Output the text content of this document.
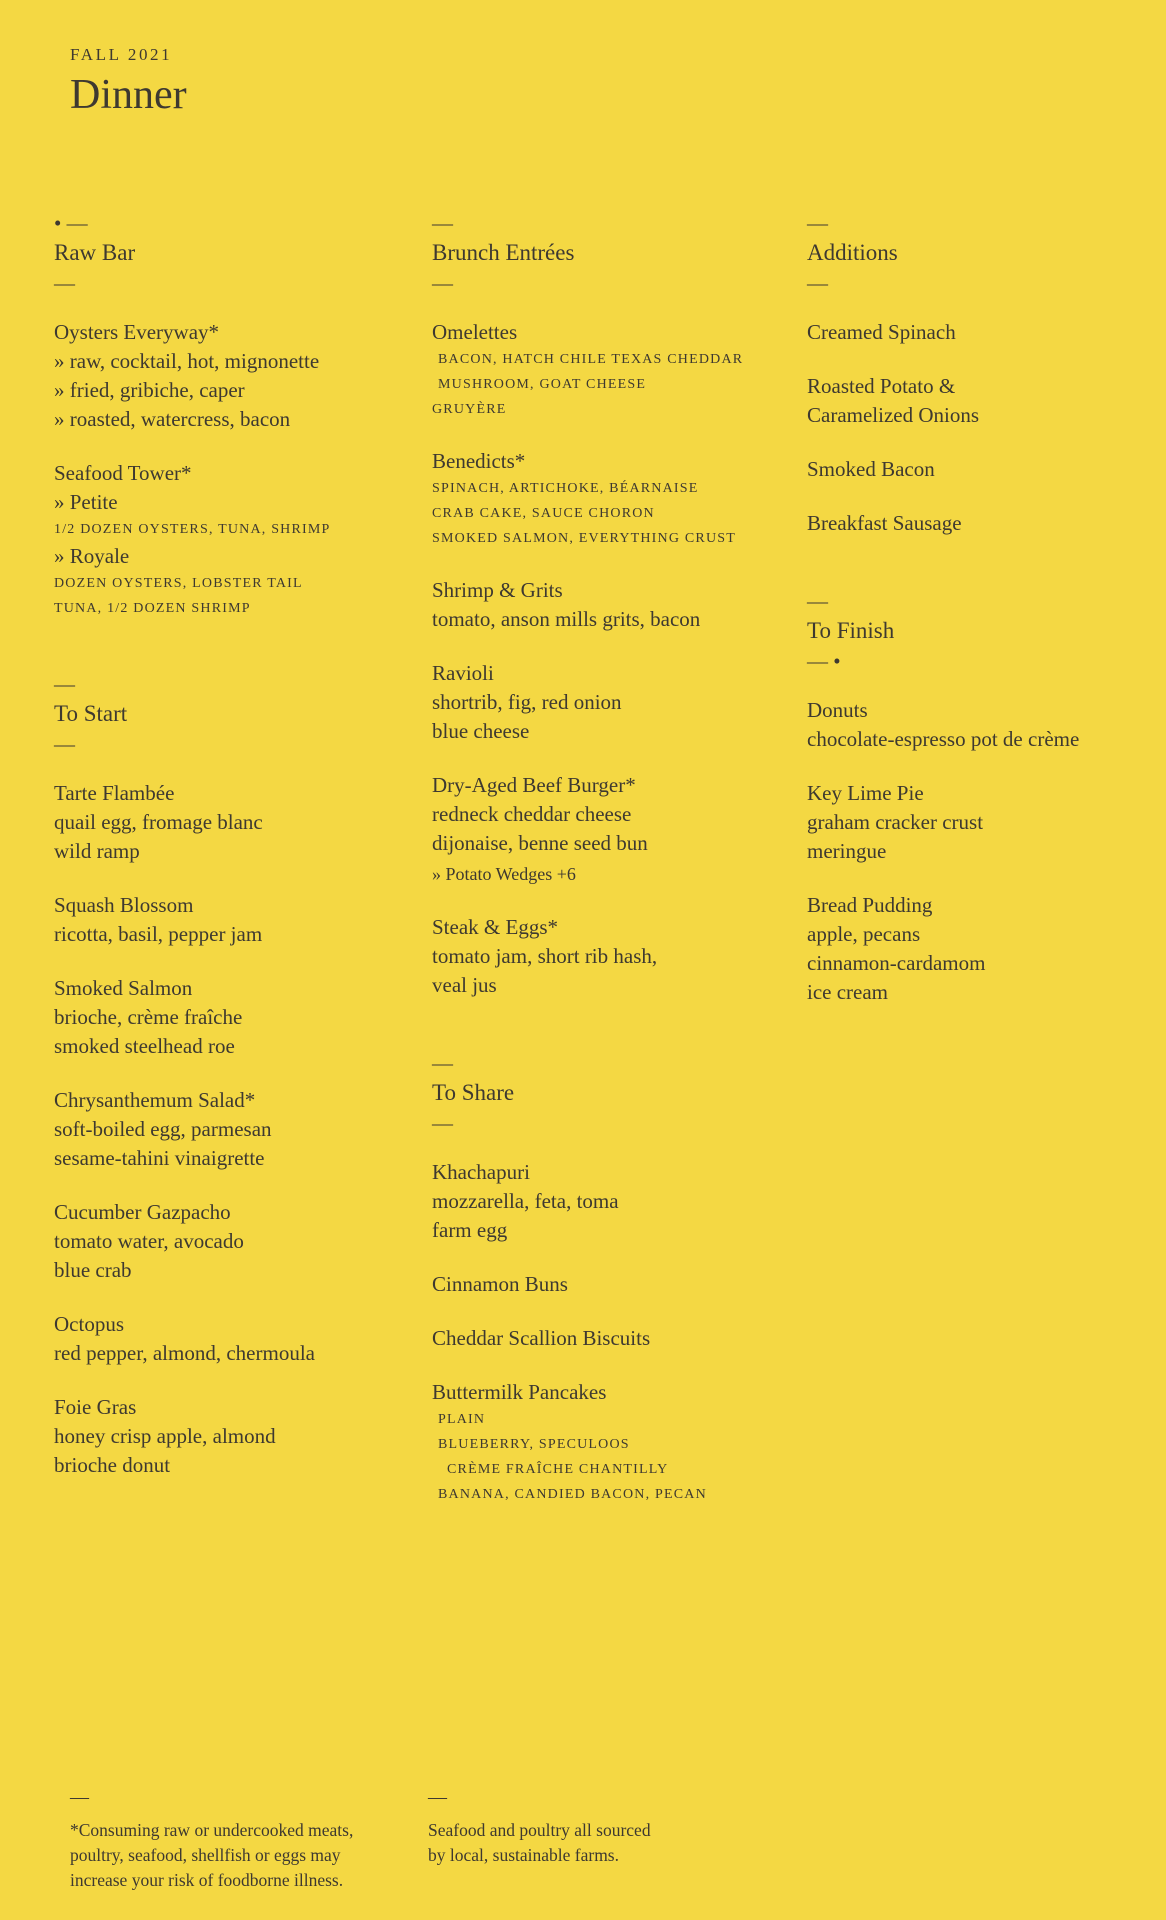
FALL 2021
Dinner
• —
Raw Bar
—
Oysters Everyway*
» raw, cocktail, hot, mignonette
» fried, gribiche, caper
» roasted, watercress, bacon
Seafood Tower*
» Petite
1/2 DOZEN OYSTERS, TUNA, SHRIMP
» Royale
DOZEN OYSTERS, LOBSTER TAIL
TUNA, 1/2 DOZEN SHRIMP
—
To Start
—
Tarte Flambée
quail egg, fromage blanc
wild ramp
Squash Blossom
ricotta, basil, pepper jam
Smoked Salmon
brioche, crème fraîche
smoked steelhead roe
Chrysanthemum Salad*
soft-boiled egg, parmesan
sesame-tahini vinaigrette
Cucumber Gazpacho
tomato water, avocado
blue crab
Octopus
red pepper, almond, chermoula
Foie Gras
honey crisp apple, almond
brioche donut
—
Brunch Entrées
—
Omelettes
BACON, HATCH CHILE TEXAS CHEDDAR
MUSHROOM, GOAT CHEESE
GRUYÈRE
Benedicts*
SPINACH, ARTICHOKE, BÉARNAISE
CRAB CAKE, SAUCE CHORON
SMOKED SALMON, EVERYTHING CRUST
Shrimp & Grits
tomato, anson mills grits, bacon
Ravioli
shortrib, fig, red onion
blue cheese
Dry-Aged Beef Burger*
redneck cheddar cheese
dijonaise, benne seed bun
» Potato Wedges +6
Steak & Eggs*
tomato jam, short rib hash,
veal jus
—
To Share
—
Khachapuri
mozzarella, feta, toma
farm egg
Cinnamon Buns
Cheddar Scallion Biscuits
Buttermilk Pancakes
PLAIN
BLUEBERRY, SPECULOOS
CRÈME FRAÎCHE CHANTILLY
BANANA, CANDIED BACON, PECAN
—
Additions
—
Creamed Spinach
Roasted Potato &
Caramelized Onions
Smoked Bacon
Breakfast Sausage
—
To Finish
— •
Donuts
chocolate-espresso pot de crème
Key Lime Pie
graham cracker crust
meringue
Bread Pudding
apple, pecans
cinnamon-cardamom
ice cream
—
*Consuming raw or undercooked meats,
poultry, seafood, shellfish or eggs may
increase your risk of foodborne illness.
—
Seafood and poultry all sourced
by local, sustainable farms.
